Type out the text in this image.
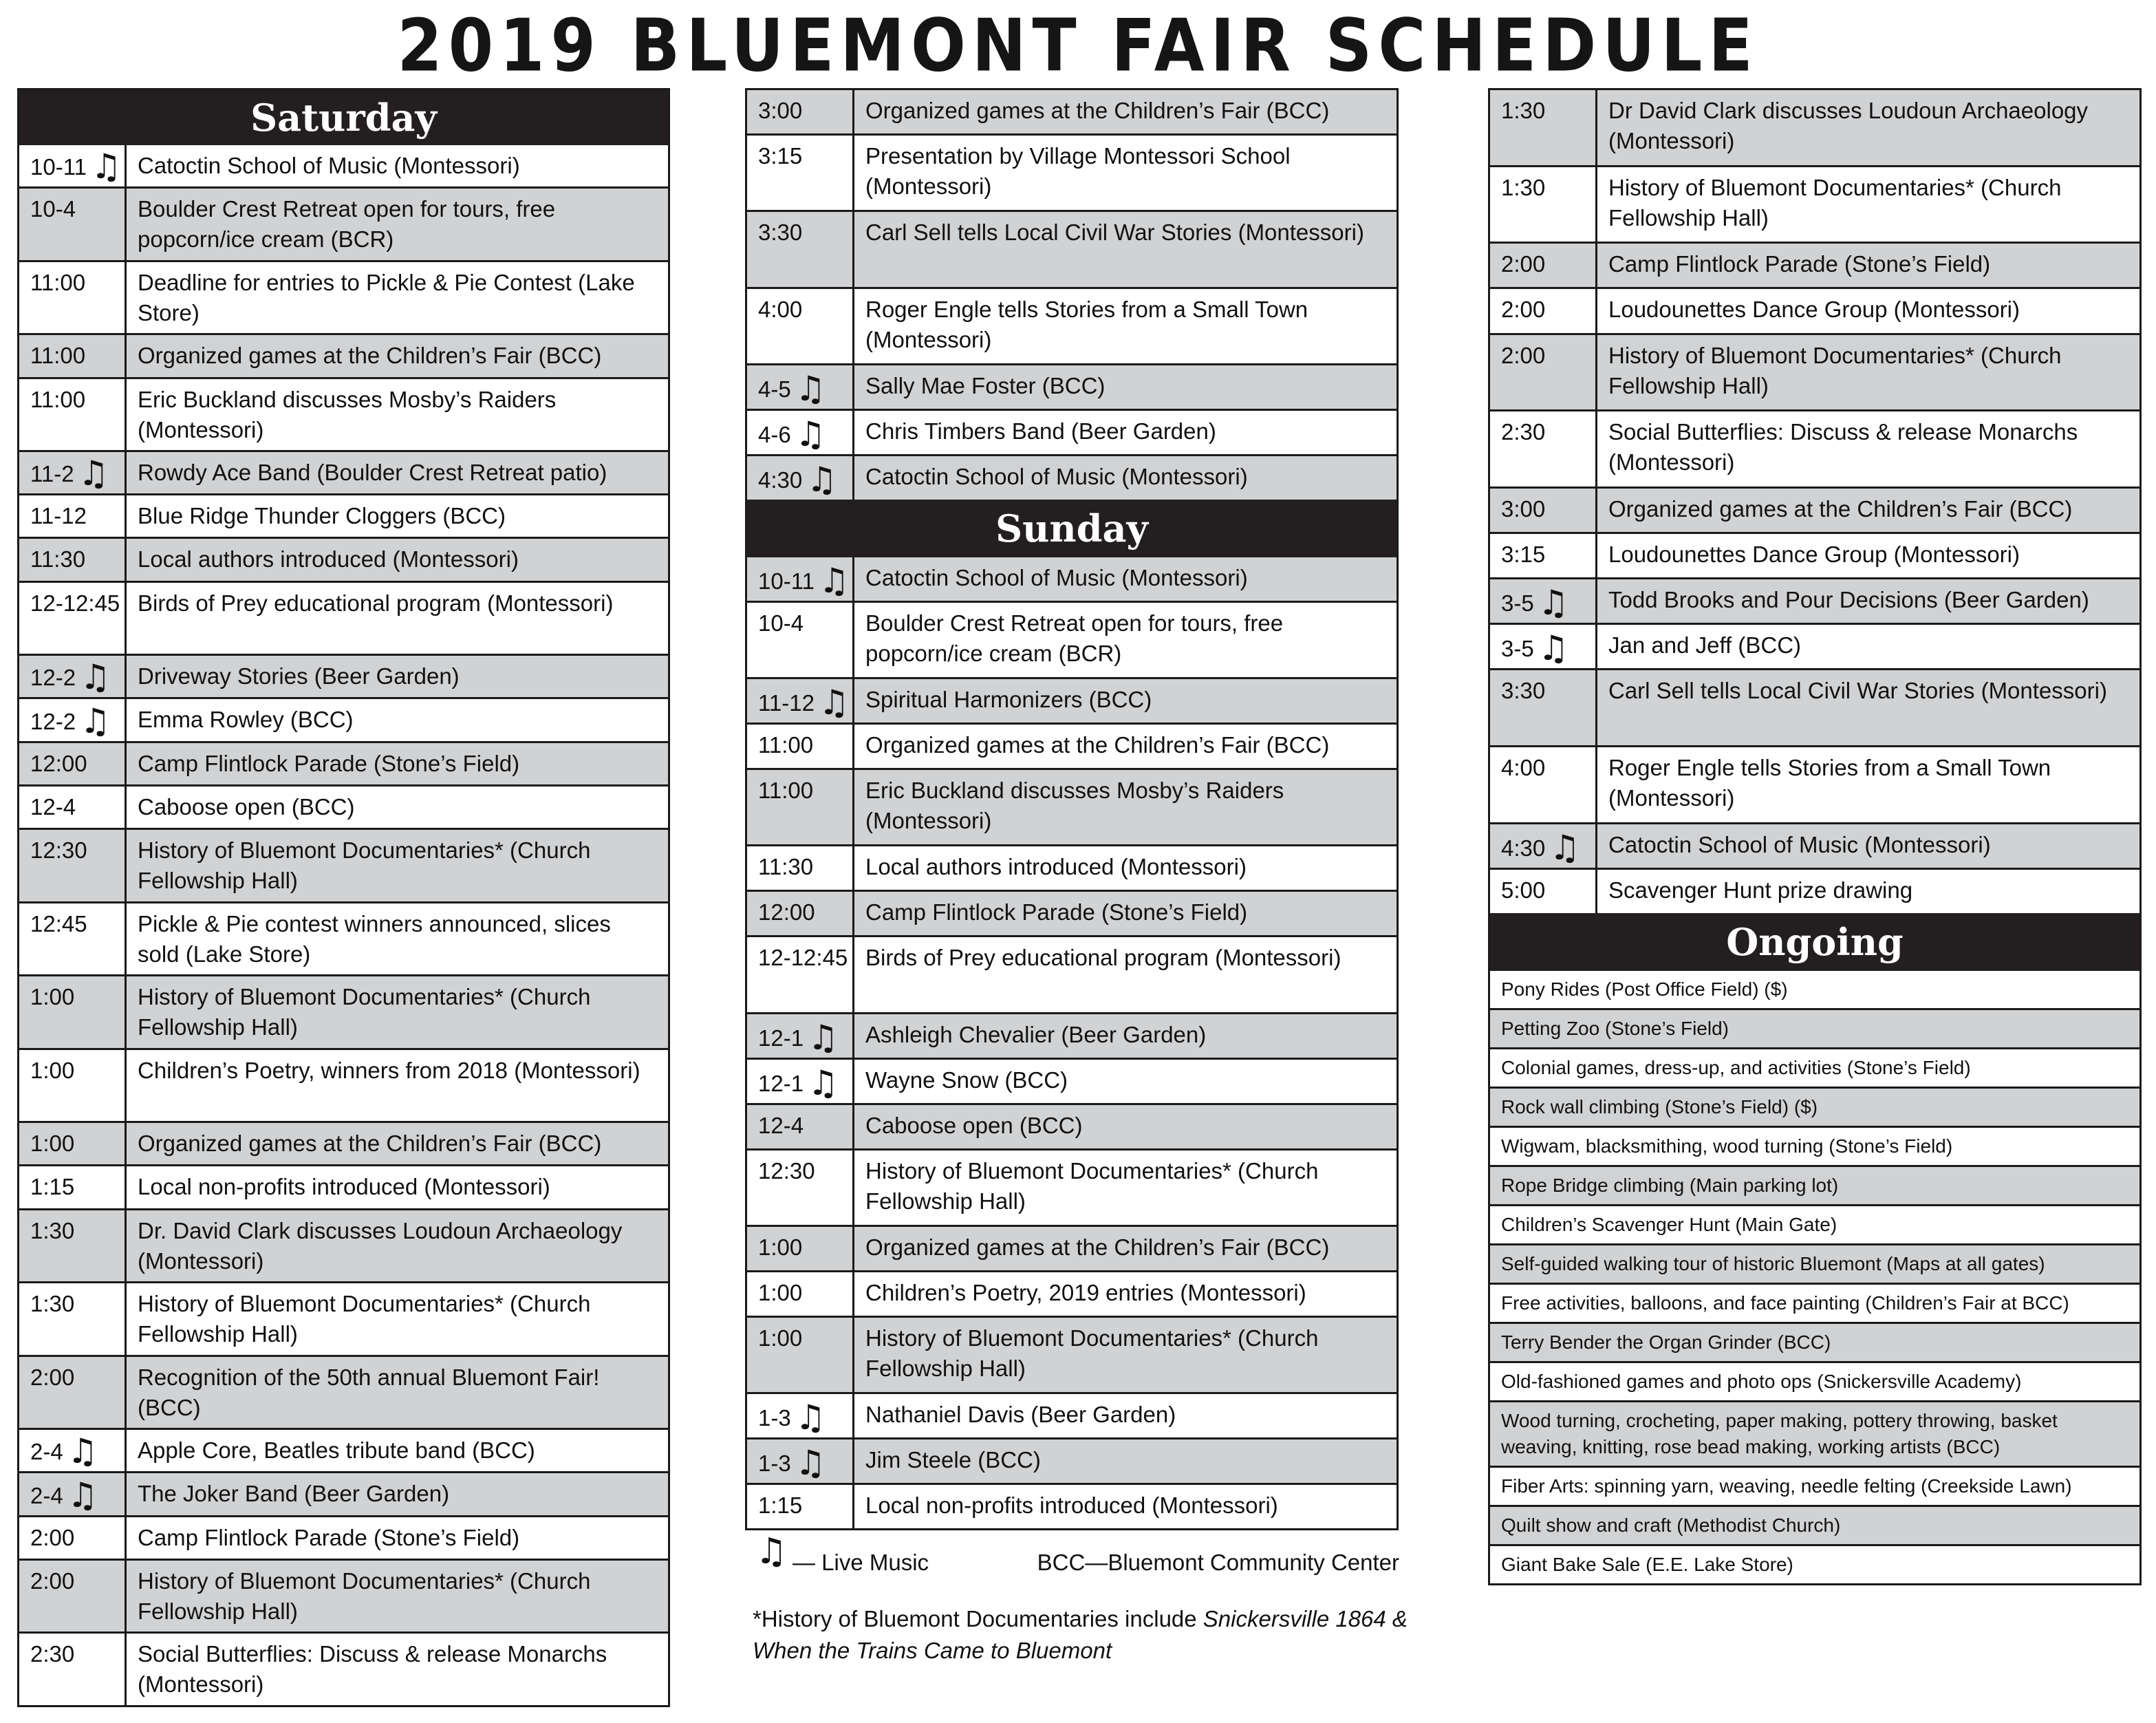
2019 BLUEMONT FAIR SCHEDULE
Saturday
10-11 ♫ Catoctin School of Music (Montessori)
10-4	Boulder Crest Retreat open for tours, free popcorn/ice cream (BCR)
11:00	Deadline for entries to Pickle & Pie Contest (Lake Store)
11:00	Organized games at the Children’s Fair (BCC)
11:00	Eric Buckland discusses Mosby’s Raiders (Montessori)
11-2 ♫	Rowdy Ace Band (Boulder Crest Retreat patio)
11-12	Blue Ridge Thunder Cloggers (BCC)
11:30	Local authors introduced (Montessori)
12-12:45 Birds of Prey educational program (Montessori)
12-2 ♫	Driveway Stories (Beer Garden)
12-2 ♫	Emma Rowley (BCC)
12:00	Camp Flintlock Parade (Stone’s Field)
12-4	Caboose open (BCC)
12:30	History of Bluemont Documentaries* (Church Fellowship Hall)
12:45	Pickle & Pie contest winners announced, slices sold (Lake Store)
1:00	History of Bluemont Documentaries* (Church Fellowship Hall)
1:00	Children’s Poetry, winners from 2018 (Montessori)
1:00	Organized games at the Children’s Fair (BCC)
1:15	Local non-profits introduced (Montessori)
1:30	Dr. David Clark discusses Loudoun Archaeology (Montessori)
1:30	History of Bluemont Documentaries* (Church Fellowship Hall)
2:00	Recognition of the 50th annual Bluemont Fair! (BCC)
2-4 ♫	Apple Core, Beatles tribute band (BCC)
2-4 ♫	The Joker Band (Beer Garden)
2:00	Camp Flintlock Parade (Stone’s Field)
2:00	History of Bluemont Documentaries* (Church Fellowship Hall)
2:30	Social Butterflies: Discuss & release Monarchs (Montessori)
3:00	Organized games at the Children’s Fair (BCC)
3:15	Presentation by Village Montessori School (Montessori)
3:30	Carl Sell tells Local Civil War Stories (Montessori)
4:00	Roger Engle tells Stories from a Small Town (Montessori)
4-5 ♫	Sally Mae Foster (BCC)
4-6 ♫	Chris Timbers Band (Beer Garden)
4:30 ♫	Catoctin School of Music (Montessori)
Sunday
10-11 ♫ Catoctin School of Music (Montessori)
10-4	Boulder Crest Retreat open for tours, free popcorn/ice cream (BCR)
11-12 ♫ Spiritual Harmonizers (BCC)
11:00	Organized games at the Children’s Fair (BCC)
11:00	Eric Buckland discusses Mosby’s Raiders (Montessori)
11:30	Local authors introduced (Montessori)
12:00	Camp Flintlock Parade (Stone’s Field)
12-12:45 Birds of Prey educational program (Montessori)
12-1 ♫	Ashleigh Chevalier (Beer Garden)
12-1 ♫	Wayne Snow (BCC)
12-4	Caboose open (BCC)
12:30	History of Bluemont Documentaries* (Church Fellowship Hall)
1:00	Organized games at the Children’s Fair (BCC)
1:00	Children’s Poetry, 2019 entries (Montessori)
1:00	History of Bluemont Documentaries* (Church Fellowship Hall)
1-3 ♫	Nathaniel Davis (Beer Garden)
1-3 ♫	Jim Steele (BCC)
1:15	Local non-profits introduced (Montessori)
1:30	Dr David Clark discusses Loudoun Archaeology (Montessori)
1:30	History of Bluemont Documentaries* (Church Fellowship Hall)
2:00	Camp Flintlock Parade (Stone’s Field)
2:00	Loudounettes Dance Group (Montessori)
2:00	History of Bluemont Documentaries* (Church Fellowship Hall)
2:30	Social Butterflies: Discuss & release Monarchs (Montessori)
3:00	Organized games at the Children’s Fair (BCC)
3:15	Loudounettes Dance Group (Montessori)
3-5 ♫	Todd Brooks and Pour Decisions (Beer Garden)
3-5 ♫	Jan and Jeff (BCC)
3:30	Carl Sell tells Local Civil War Stories (Montessori)
4:00	Roger Engle tells Stories from a Small Town (Montessori)
4:30 ♫	Catoctin School of Music (Montessori)
5:00	Scavenger Hunt prize drawing
Ongoing
Pony Rides (Post Office Field) ($)
Petting Zoo (Stone’s Field)
Colonial games, dress-up, and activities (Stone’s Field)
Rock wall climbing (Stone’s Field) ($)
Wigwam, blacksmithing, wood turning (Stone’s Field)
Rope Bridge climbing (Main parking lot)
Children’s Scavenger Hunt (Main Gate)
Self-guided walking tour of historic Bluemont (Maps at all gates)
Free activities, balloons, and face painting (Children’s Fair at BCC)
Terry Bender the Organ Grinder (BCC)
Old-fashioned games and photo ops (Snickersville Academy)
Wood turning, crocheting, paper making, pottery throwing, basket weaving, knitting, rose bead making, working artists (BCC)
Fiber Arts: spinning yarn, weaving, needle felting (Creekside Lawn)
Quilt show and craft (Methodist Church)
Giant Bake Sale (E.E. Lake Store)
♫ — Live Music	BCC—Bluemont Community Center
*History of Bluemont Documentaries include Snickersville 1864 & When the Trains Came to Bluemont
